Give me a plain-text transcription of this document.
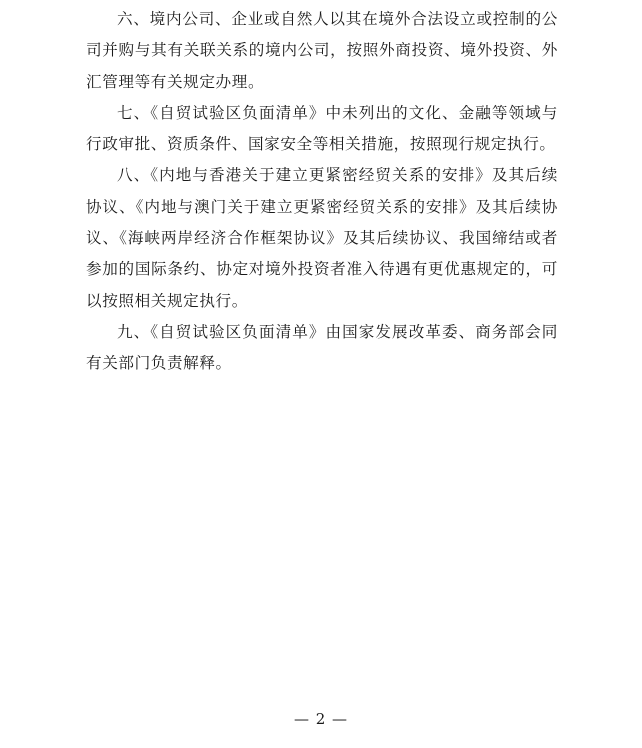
六、境内公司、企业或自然人以其在境外合法设立或控制的公司并购与其有关联关系的境内公司，按照外商投资、境外投资、外汇管理等有关规定办理。

七、《自贸试验区负面清单》中未列出的文化、金融等领域与行政审批、资质条件、国家安全等相关措施，按照现行规定执行。

八、《内地与香港关于建立更紧密经贸关系的安排》及其后续协议、《内地与澳门关于建立更紧密经贸关系的安排》及其后续协议、《海峡两岸经济合作框架协议》及其后续协议、我国缔结或者参加的国际条约、协定对境外投资者准入待遇有更优惠规定的，可以按照相关规定执行。

九、《自贸试验区负面清单》由国家发展改革委、商务部会同有关部门负责解释。

— 2 —
